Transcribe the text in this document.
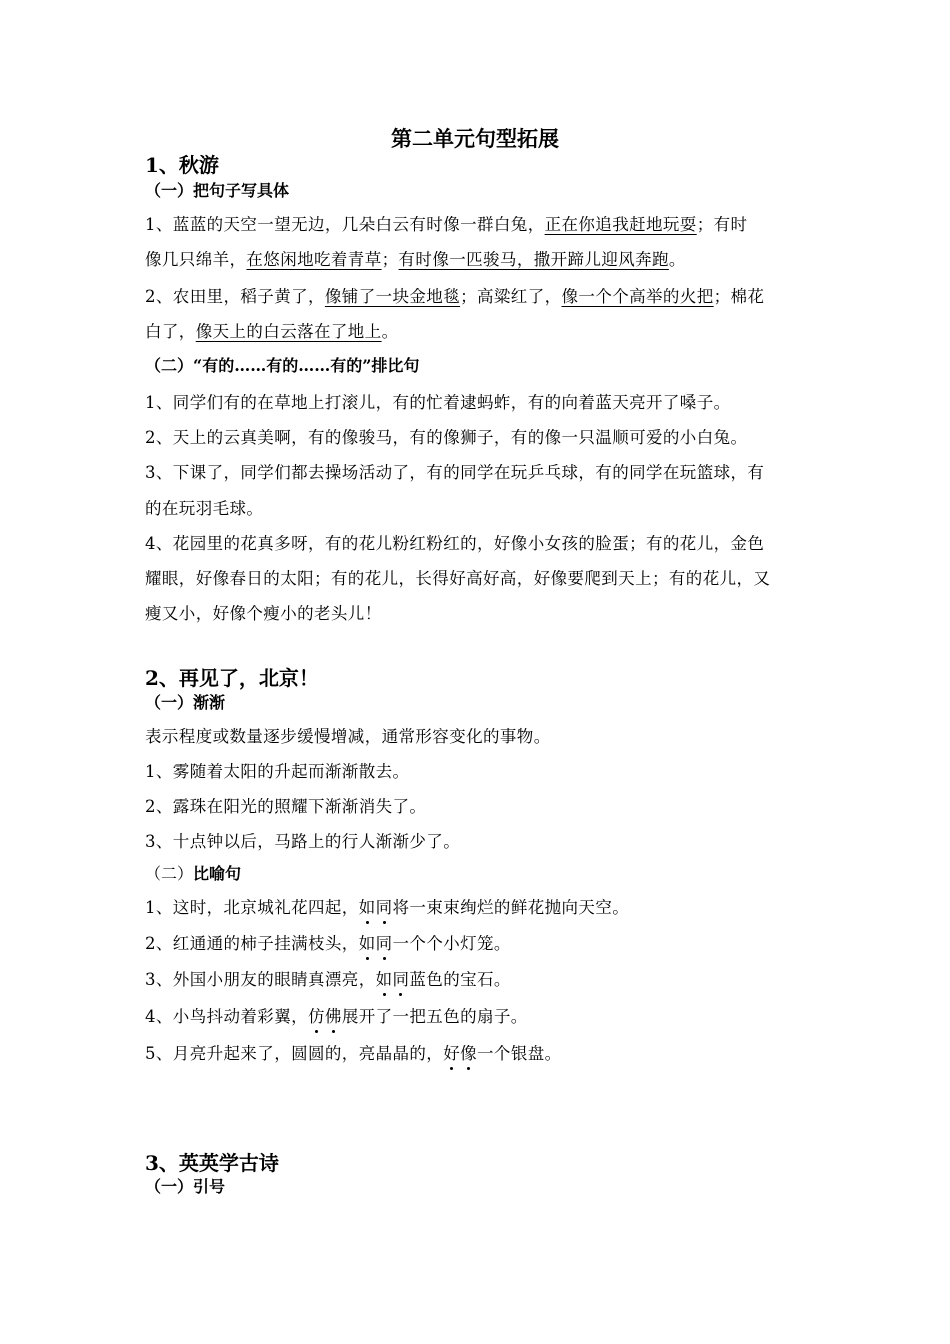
第二单元句型拓展
1、秋游
（一）把句子写具体
1、蓝蓝的天空一望无边，几朵白云有时像一群白兔，正在你追我赶地玩耍；有时
像几只绵羊，在悠闲地吃着青草；有时像一匹骏马，撒开蹄儿迎风奔跑。
2、农田里，稻子黄了，像铺了一块金地毯；高粱红了，像一个个高举的火把；棉花
白了，像天上的白云落在了地上。
（二）“有的……有的……有的”排比句
1、同学们有的在草地上打滚儿，有的忙着逮蚂蚱，有的向着蓝天亮开了嗓子。
2、天上的云真美啊，有的像骏马，有的像狮子，有的像一只温顺可爱的小白兔。
3、下课了，同学们都去操场活动了，有的同学在玩乒乓球，有的同学在玩篮球，有
的在玩羽毛球。
4、花园里的花真多呀，有的花儿粉红粉红的，好像小女孩的脸蛋；有的花儿，金色
耀眼，好像春日的太阳；有的花儿，长得好高好高，好像要爬到天上；有的花儿，又
瘦又小，好像个瘦小的老头儿！
2、再见了，北京！
（一）渐渐
表示程度或数量逐步缓慢增减，通常形容变化的事物。
1、雾随着太阳的升起而渐渐散去。
2、露珠在阳光的照耀下渐渐消失了。
3、十点钟以后，马路上的行人渐渐少了。
（二）比喻句
1、这时，北京城礼花四起，如同将一束束绚烂的鲜花抛向天空。
2、红通通的柿子挂满枝头，如同一个个小灯笼。
3、外国小朋友的眼睛真漂亮，如同蓝色的宝石。
4、小鸟抖动着彩翼，仿佛展开了一把五色的扇子。
5、月亮升起来了，圆圆的，亮晶晶的，好像一个银盘。
3、英英学古诗
（一）引号
